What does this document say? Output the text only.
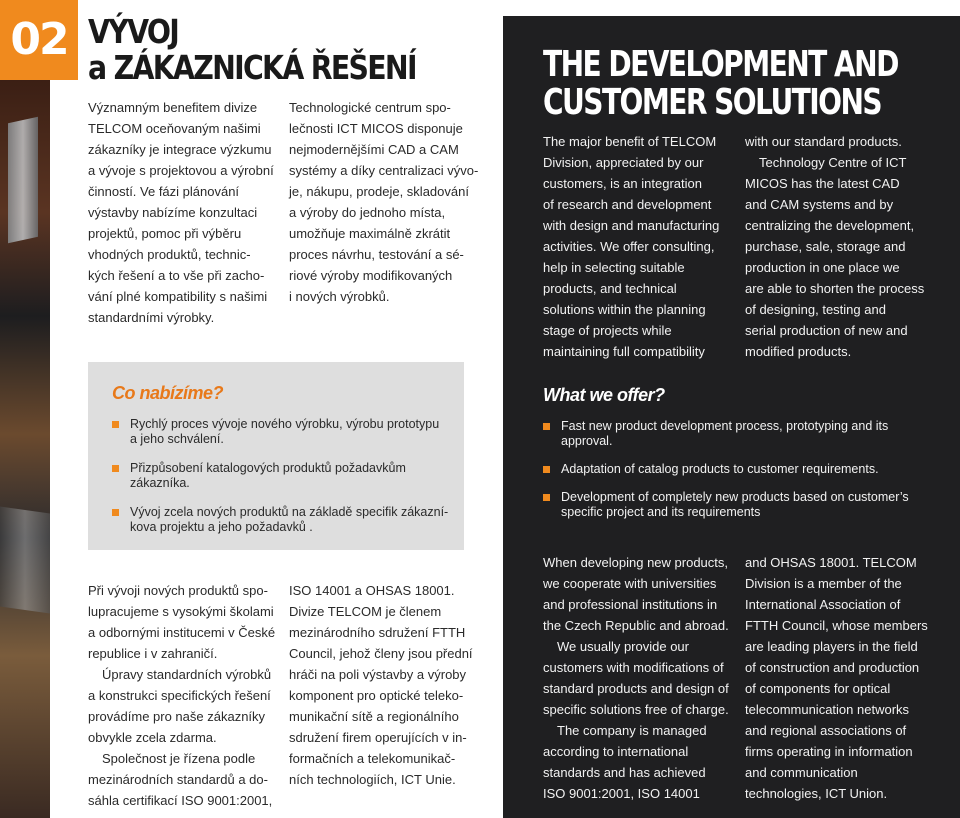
02 VÝVOJ
a ZÁKAZNICKÁ ŘEŠENÍ

Významným benefitem divize

TELCOM oceňovaným našimi

zákazníky je integrace výzkumu

a vývoje s projektovou a výrobní

činností. Ve fázi plánování

výstavby nabízíme konzultaci

projektů, pomoc při výběru

vhodných produktů, technic-

kých řešení a to vše při zacho-

vání plné kompatibility s našimi

standardními výrobky.

Technologické centrum spo-

lečnosti ICT MICOS disponuje

nejmodernějšími CAD a CAM

systémy a díky centralizaci vývo-

je, nákupu, prodeje, skladování

a výroby do jednoho místa,

umožňuje maximálně zkrátit

proces návrhu, testování a sé-

riové výroby modifikovaných

i nových výrobků.

THE DEVELOPMENT AND
CUSTOMER SOLUTIONS

The major benefit of TELCOM

Division, appreciated by our

customers, is an integration

of research and development

with design and manufacturing

activities. We offer consulting,

help in selecting suitable

products, and technical

solutions within the planning

stage of projects while

maintaining full compatibility

with our standard products.

Technology Centre of ICT

MICOS has the latest CAD

and CAM systems and by

centralizing the development,

purchase, sale, storage and

production in one place we

are able to shorten the process

of designing, testing and

serial production of new and

modified products.

Co nabízíme?
Rychlý proces vývoje nového výrobku, výrobu prototypu
a jeho schválení.
Přizpůsobení katalogových produktů požadavkům
zákazníka.
Vývoj zcela nových produktů na základě specifik zákazní-
kova projektu a jeho požadavků .
What we offer?
Fast new product development process, prototyping and its
approval.
Adaptation of catalog products to customer requirements.
Development of completely new products based on customer’s
specific project and its requirements

Při vývoji nových produktů spo-

lupracujeme s vysokými školami

a odbornými institucemi v České

republice i v zahraničí.

Úpravy standardních výrobků

a konstrukci specifických řešení

provádíme pro naše zákazníky

obvykle zcela zdarma.

Společnost je řízena podle

mezinárodních standardů a do-

sáhla certifikací ISO 9001:2001,

ISO 14001 a OHSAS 18001.

Divize TELCOM je členem

mezinárodního sdružení FTTH

Council, jehož členy jsou přední

hráči na poli výstavby a výroby

komponent pro optické teleko-

munikační sítě a regionálního

sdružení firem operujících v in-

formačních a telekomunikač-

ních technologiích, ICT Unie.

When developing new products,

we cooperate with universities

and professional institutions in

the Czech Republic and abroad.

We usually provide our

customers with modifications of

standard products and design of

specific solutions free of charge.

The company is managed

according to international

standards and has achieved

ISO 9001:2001, ISO 14001

and OHSAS 18001. TELCOM

Division is a member of the

International Association of

FTTH Council, whose members

are leading players in the field

of construction and production

of components for optical

telecommunication networks

and regional associations of

firms operating in information

and communication

technologies, ICT Union.
